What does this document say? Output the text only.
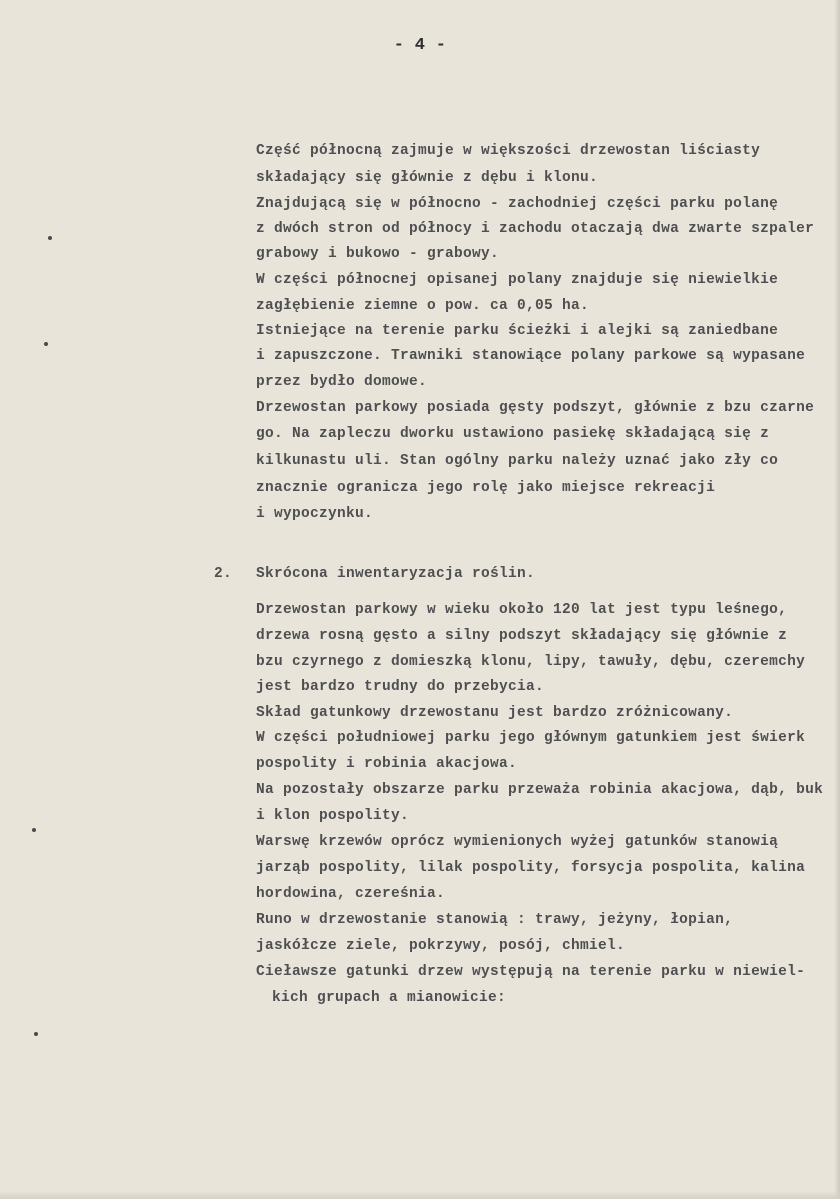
- 4 -
Część północną zajmuje w większości drzewostan liściasty
składający się głównie z dębu i klonu.
Znajdującą się w północno - zachodniej części parku polanę
z dwóch stron od północy i zachodu otaczają dwa zwarte szpaler
grabowy i bukowo - grabowy.
W części północnej opisanej polany znajduje się niewielkie
zagłębienie ziemne o pow. ca 0,05 ha.
Istniejące na terenie parku ścieżki i alejki są zaniedbane
i zapuszczone. Trawniki stanowiące polany parkowe są wypasane
przez bydło domowe.
Drzewostan parkowy posiada gęsty podszyt, głównie z bzu czarne
go. Na zapleczu dworku ustawiono pasiekę składającą się z
kilkunastu uli. Stan ogólny parku należy uznać jako zły co
znacznie ogranicza jego rolę jako miejsce rekreacji
i wypoczynku.
2. Skrócona inwentaryzacja roślin.
Drzewostan parkowy w wieku około 120 lat jest typu leśnego,
drzewa rosną gęsto a silny podszyt składający się głównie z
bzu czyrnego z domieszką klonu, lipy, tawuły, dębu, czeremchy
jest bardzo trudny do przebycia.
Skład gatunkowy drzewostanu jest bardzo zróżnicowany.
W części południowej parku jego głównym gatunkiem jest świerk
pospolity i robinia akacjowa.
Na pozostały obszarze parku przeważa robinia akacjowa, dąb, buk
i klon pospolity.
Warswę krzewów oprócz wymienionych wyżej gatunków stanowią
jarząb pospolity, lilak pospolity, forsycja pospolita, kalina
hordowina, czereśnia.
Runo w drzewostanie stanowią : trawy, jeżyny, łopian,
jaskółcze ziele, pokrzywy, posój, chmiel.
Cieławsze gatunki drzew występują na terenie parku w niewiel-
kich grupach a mianowicie:
